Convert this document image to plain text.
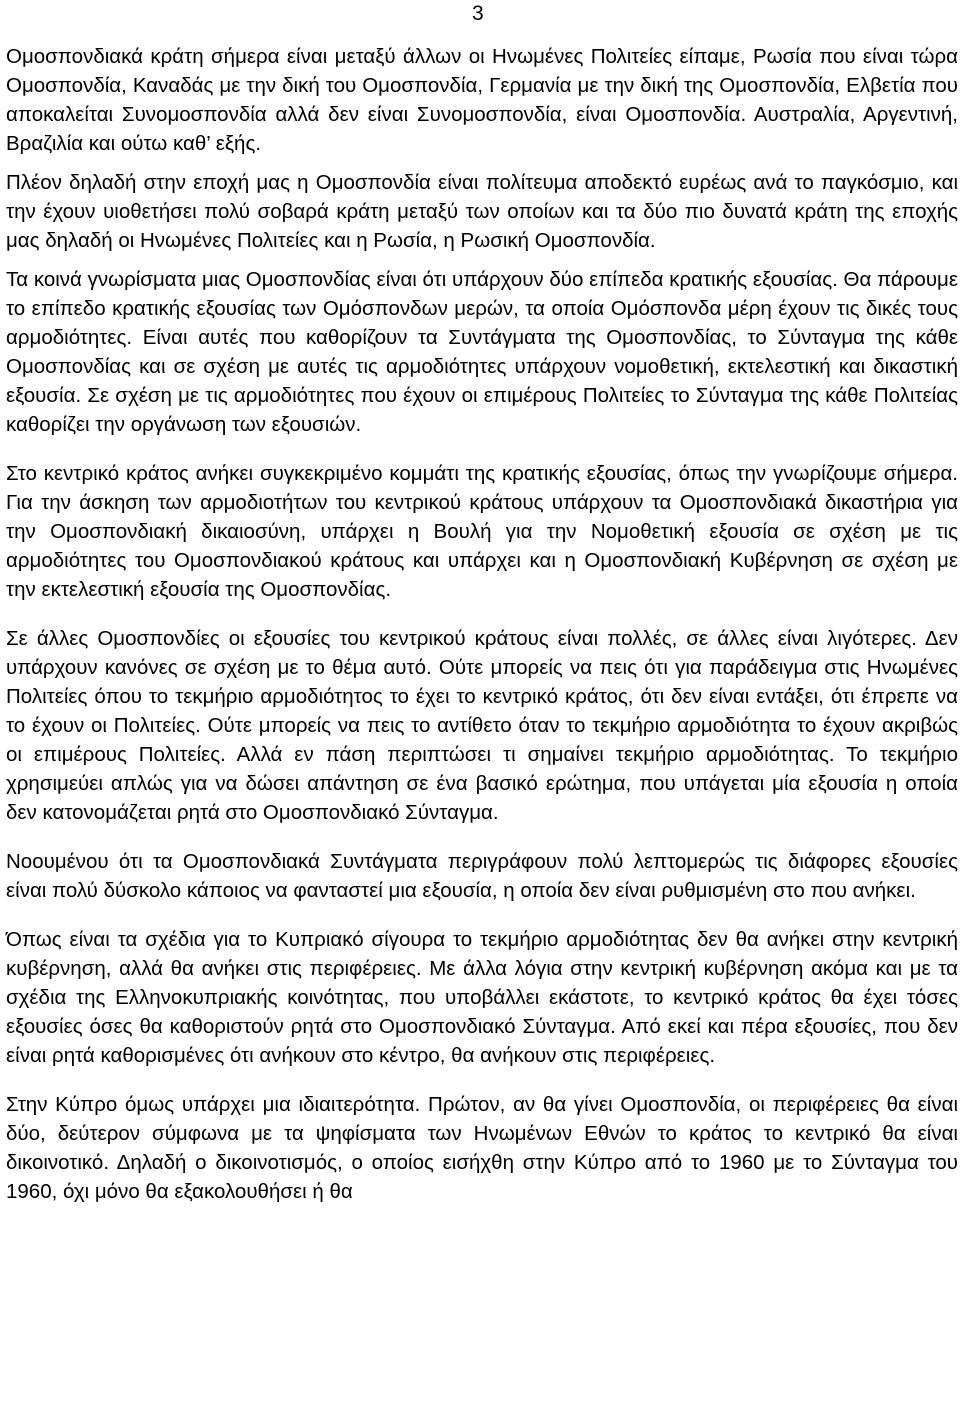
3

Ομοσπονδιακά κράτη σήμερα είναι μεταξύ άλλων οι Ηνωμένες Πολιτείες είπαμε, Ρωσία που είναι τώρα Ομοσπονδία, Καναδάς με την δική του Ομοσπονδία, Γερμανία με την δική της Ομοσπονδία, Ελβετία που αποκαλείται Συνομοσπονδία αλλά δεν είναι Συνομοσπονδία, είναι Ομοσπονδία. Αυστραλία, Αργεντινή, Βραζιλία και ούτω καθ’ εξής.

Πλέον δηλαδή στην εποχή μας η Ομοσπονδία είναι πολίτευμα αποδεκτό ευρέως ανά το παγκόσμιο, και την έχουν υιοθετήσει πολύ σοβαρά κράτη μεταξύ των οποίων και τα δύο πιο δυνατά κράτη της εποχής μας δηλαδή οι Ηνωμένες Πολιτείες και η Ρωσία, η Ρωσική Ομοσπονδία.

Τα κοινά γνωρίσματα μιας Ομοσπονδίας είναι ότι υπάρχουν δύο επίπεδα κρατικής εξουσίας. Θα πάρουμε το επίπεδο κρατικής εξουσίας των Ομόσπονδων μερών, τα οποία Ομόσπονδα μέρη έχουν τις δικές τους αρμοδιότητες. Είναι αυτές που καθορίζουν τα Συντάγματα της Ομοσπονδίας, το Σύνταγμα της κάθε Ομοσπονδίας και σε σχέση με αυτές τις αρμοδιότητες υπάρχουν νομοθετική, εκτελεστική και δικαστική εξουσία. Σε σχέση με τις αρμοδιότητες που έχουν οι επιμέρους Πολιτείες το Σύνταγμα της κάθε Πολιτείας καθορίζει την οργάνωση των εξουσιών.

Στο κεντρικό κράτος ανήκει συγκεκριμένο κομμάτι της κρατικής εξουσίας, όπως την γνωρίζουμε σήμερα. Για την άσκηση των αρμοδιοτήτων του κεντρικού κράτους υπάρχουν τα Ομοσπονδιακά δικαστήρια για την Ομοσπονδιακή δικαιοσύνη, υπάρχει η Βουλή για την Νομοθετική εξουσία σε σχέση με τις αρμοδιότητες του Ομοσπονδιακού κράτους και υπάρχει και η Ομοσπονδιακή Κυβέρνηση σε σχέση με την εκτελεστική εξουσία της Ομοσπονδίας.

Σε άλλες Ομοσπονδίες οι εξουσίες του κεντρικού κράτους είναι πολλές, σε άλλες είναι λιγότερες. Δεν υπάρχουν κανόνες σε σχέση με το θέμα αυτό. Ούτε μπορείς να πεις ότι για παράδειγμα στις Ηνωμένες Πολιτείες όπου το τεκμήριο αρμοδιότητος το έχει το κεντρικό κράτος, ότι δεν είναι εντάξει, ότι έπρεπε να το έχουν οι Πολιτείες. Ούτε μπορείς να πεις το αντίθετο όταν το τεκμήριο αρμοδιότητα το έχουν ακριβώς οι επιμέρους Πολιτείες. Αλλά εν πάση περιπτώσει τι σημαίνει τεκμήριο αρμοδιότητας. Το τεκμήριο χρησιμεύει απλώς για να δώσει απάντηση σε ένα βασικό ερώτημα, που υπάγεται μία εξουσία η οποία δεν κατονομάζεται ρητά στο Ομοσπονδιακό Σύνταγμα.

Νοουμένου ότι τα Ομοσπονδιακά Συντάγματα περιγράφουν πολύ λεπτομερώς τις διάφορες εξουσίες είναι πολύ δύσκολο κάποιος να φανταστεί μια εξουσία, η οποία δεν είναι ρυθμισμένη στο που ανήκει.

Όπως είναι τα σχέδια για το Κυπριακό σίγουρα το τεκμήριο αρμοδιότητας δεν θα ανήκει στην κεντρική κυβέρνηση, αλλά θα ανήκει στις περιφέρειες. Με άλλα λόγια στην κεντρική κυβέρνηση ακόμα και με τα σχέδια της Ελληνοκυπριακής κοινότητας, που υποβάλλει εκάστοτε, το κεντρικό κράτος θα έχει τόσες εξουσίες όσες θα καθοριστούν ρητά στο Ομοσπονδιακό Σύνταγμα. Από εκεί και πέρα εξουσίες, που δεν είναι ρητά καθορισμένες ότι ανήκουν στο κέντρο, θα ανήκουν στις περιφέρειες.

Στην Κύπρο όμως υπάρχει μια ιδιαιτερότητα. Πρώτον, αν θα γίνει Ομοσπονδία, οι περιφέρειες θα είναι δύο, δεύτερον σύμφωνα με τα ψηφίσματα των Ηνωμένων Εθνών το κράτος το κεντρικό θα είναι δικοινοτικό. Δηλαδή ο δικοινοτισμός, ο οποίος εισήχθη στην Κύπρο από το 1960 με το Σύνταγμα του 1960, όχι μόνο θα εξακολουθήσει ή θα
